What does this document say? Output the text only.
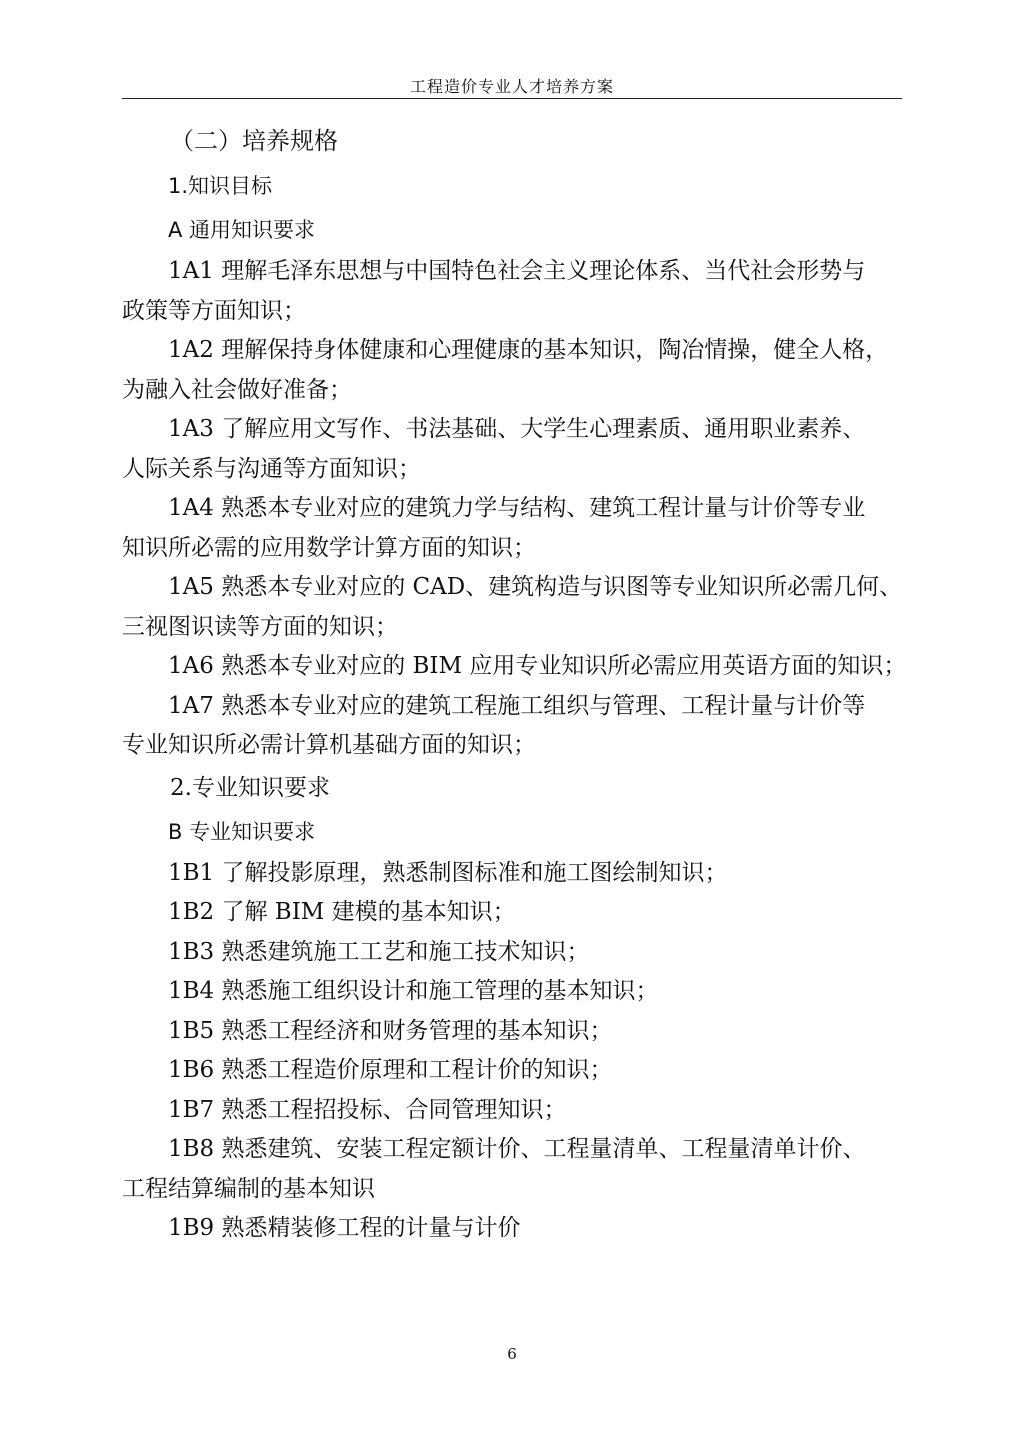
工程造价专业人才培养方案
（二）培养规格
1.知识目标
A 通用知识要求
1A1 理解毛泽东思想与中国特色社会主义理论体系、当代社会形势与
政策等方面知识；
1A2 理解保持身体健康和心理健康的基本知识，陶冶情操，健全人格，
为融入社会做好准备；
1A3 了解应用文写作、书法基础、大学生心理素质、通用职业素养、
人际关系与沟通等方面知识；
1A4 熟悉本专业对应的建筑力学与结构、建筑工程计量与计价等专业
知识所必需的应用数学计算方面的知识；
1A5 熟悉本专业对应的 CAD、建筑构造与识图等专业知识所必需几何、
三视图识读等方面的知识；
1A6 熟悉本专业对应的 BIM 应用专业知识所必需应用英语方面的知识；
1A7 熟悉本专业对应的建筑工程施工组织与管理、工程计量与计价等
专业知识所必需计算机基础方面的知识；
2.专业知识要求
B 专业知识要求
1B1 了解投影原理，熟悉制图标准和施工图绘制知识；
1B2 了解 BIM 建模的基本知识；
1B3 熟悉建筑施工工艺和施工技术知识；
1B4 熟悉施工组织设计和施工管理的基本知识；
1B5 熟悉工程经济和财务管理的基本知识；
1B6 熟悉工程造价原理和工程计价的知识；
1B7 熟悉工程招投标、合同管理知识；
1B8 熟悉建筑、安装工程定额计价、工程量清单、工程量清单计价、
工程结算编制的基本知识
1B9 熟悉精装修工程的计量与计价
6
